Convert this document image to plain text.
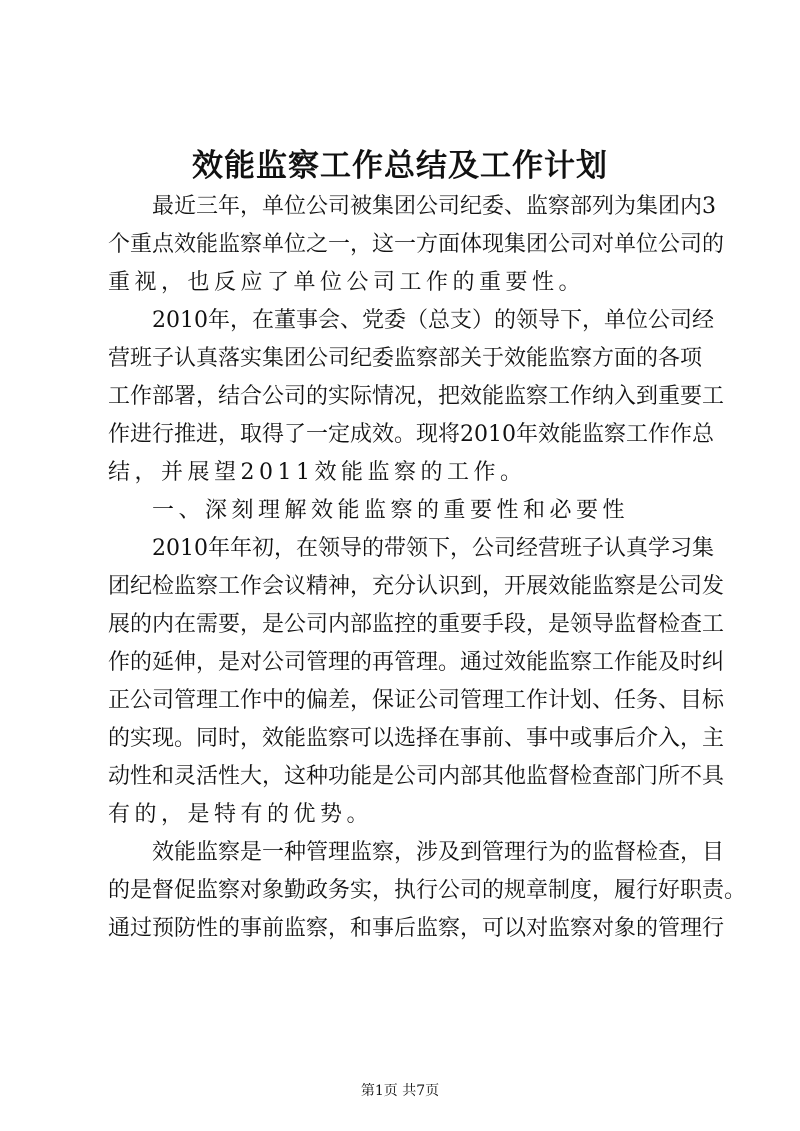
效能监察工作总结及工作计划
最近三年，单位公司被集团公司纪委、监察部列为集团内3
个重点效能监察单位之一，这一方面体现集团公司对单位公司的
重视，也反应了单位公司工作的重要性。
2010年，在董事会、党委（总支）的领导下，单位公司经
营班子认真落实集团公司纪委监察部关于效能监察方面的各项
工作部署，结合公司的实际情况，把效能监察工作纳入到重要工
作进行推进，取得了一定成效。现将2010年效能监察工作作总
结，并展望2011效能监察的工作。
一、深刻理解效能监察的重要性和必要性
2010年年初，在领导的带领下，公司经营班子认真学习集
团纪检监察工作会议精神，充分认识到，开展效能监察是公司发
展的内在需要，是公司内部监控的重要手段，是领导监督检查工
作的延伸，是对公司管理的再管理。通过效能监察工作能及时纠
正公司管理工作中的偏差，保证公司管理工作计划、任务、目标
的实现。同时，效能监察可以选择在事前、事中或事后介入，主
动性和灵活性大，这种功能是公司内部其他监督检查部门所不具
有的，是特有的优势。
效能监察是一种管理监察，涉及到管理行为的监督检查，目
的是督促监察对象勤政务实，执行公司的规章制度，履行好职责。
通过预防性的事前监察，和事后监察，可以对监察对象的管理行
第1页 共7页
